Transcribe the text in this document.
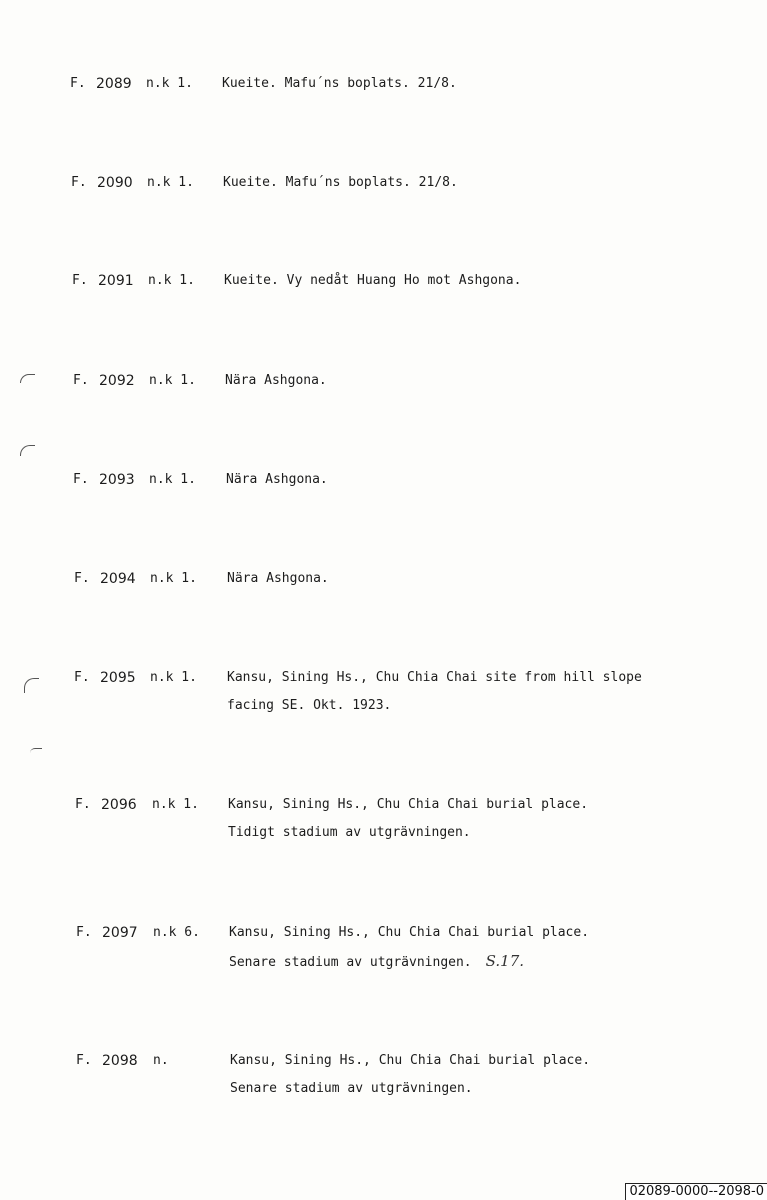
F. 2089 n.k 1. Kueite. Mafu´ns boplats. 21/8.
F. 2090 n.k 1. Kueite. Mafu´ns boplats. 21/8.
F. 2091 n.k 1. Kueite. Vy nedåt Huang Ho mot Ashgona.
F. 2092 n.k 1. Nära Ashgona.
F. 2093 n.k 1. Nära Ashgona.
F. 2094 n.k 1. Nära Ashgona.
F. 2095 n.k 1. Kansu, Sining Hs., Chu Chia Chai site from hill slope
facing SE. Okt. 1923.
F. 2096 n.k 1. Kansu, Sining Hs., Chu Chia Chai burial place.
Tidigt stadium av utgrävningen.
F. 2097 n.k 6. Kansu, Sining Hs., Chu Chia Chai burial place.
Senare stadium av utgrävningen. S.17.
F. 2098 n.	Kansu, Sining Hs., Chu Chia Chai burial place.
Senare stadium av utgrävningen.
02089-0000--2098-0
